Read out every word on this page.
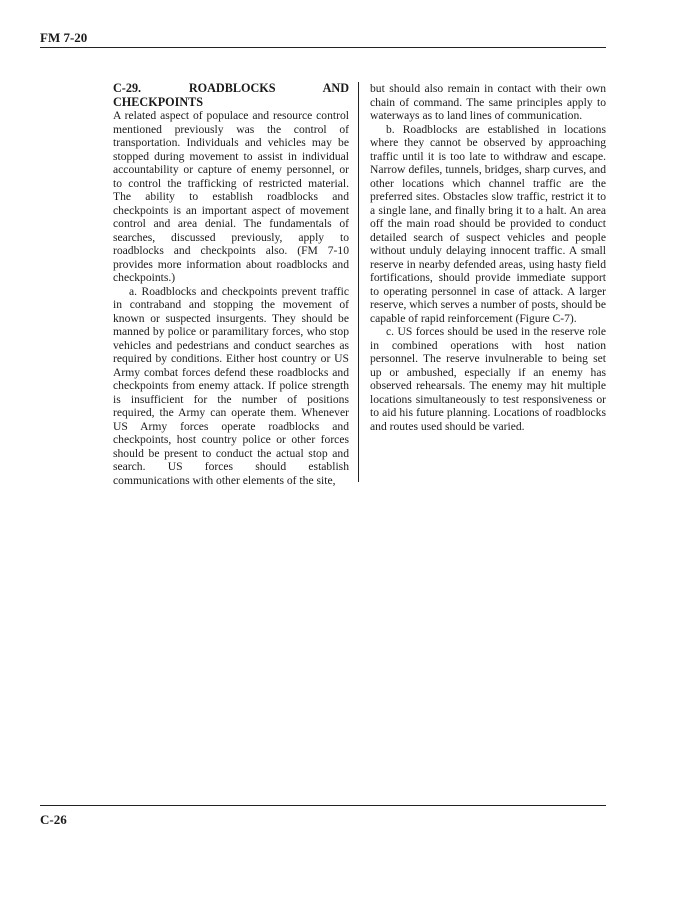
FM 7-20

C-29. ROADBLOCKS AND CHECKPOINTS
A related aspect of populace and resource control mentioned previously was the control of transportation. Individuals and vehicles may be stopped during movement to assist in individual accountability or capture of enemy personnel, or to control the trafficking of restricted material. The ability to establish roadblocks and checkpoints is an important aspect of movement control and area denial. The fundamentals of searches, discussed previously, apply to roadblocks and checkpoints also. (FM 7-10 provides more information about roadblocks and checkpoints.)

a. Roadblocks and checkpoints prevent traffic in contraband and stopping the movement of known or suspected insurgents. They should be manned by police or paramilitary forces, who stop vehicles and pedestrians and conduct searches as required by conditions. Either host country or US Army combat forces defend these roadblocks and checkpoints from enemy attack. If police strength is insufficient for the number of positions required, the Army can operate them. Whenever US Army forces operate roadblocks and checkpoints, host country police or other forces should be present to conduct the actual stop and search. US forces should establish communications with other elements of the site,

but should also remain in contact with their own chain of command. The same principles apply to waterways as to land lines of communication.

b. Roadblocks are established in locations where they cannot be observed by approaching traffic until it is too late to withdraw and escape. Narrow defiles, tunnels, bridges, sharp curves, and other locations which channel traffic are the preferred sites. Obstacles slow traffic, restrict it to a single lane, and finally bring it to a halt. An area off the main road should be provided to conduct detailed search of suspect vehicles and people without unduly delaying innocent traffic. A small reserve in nearby defended areas, using hasty field fortifications, should provide immediate support to operating personnel in case of attack. A larger reserve, which serves a number of posts, should be capable of rapid reinforcement (Figure C-7).

c. US forces should be used in the reserve role in combined operations with host nation personnel. The reserve invulnerable to being set up or ambushed, especially if an enemy has observed rehearsals. The enemy may hit multiple locations simultaneously to test responsiveness or to aid his future planning. Locations of roadblocks and routes used should be varied.

C-26
